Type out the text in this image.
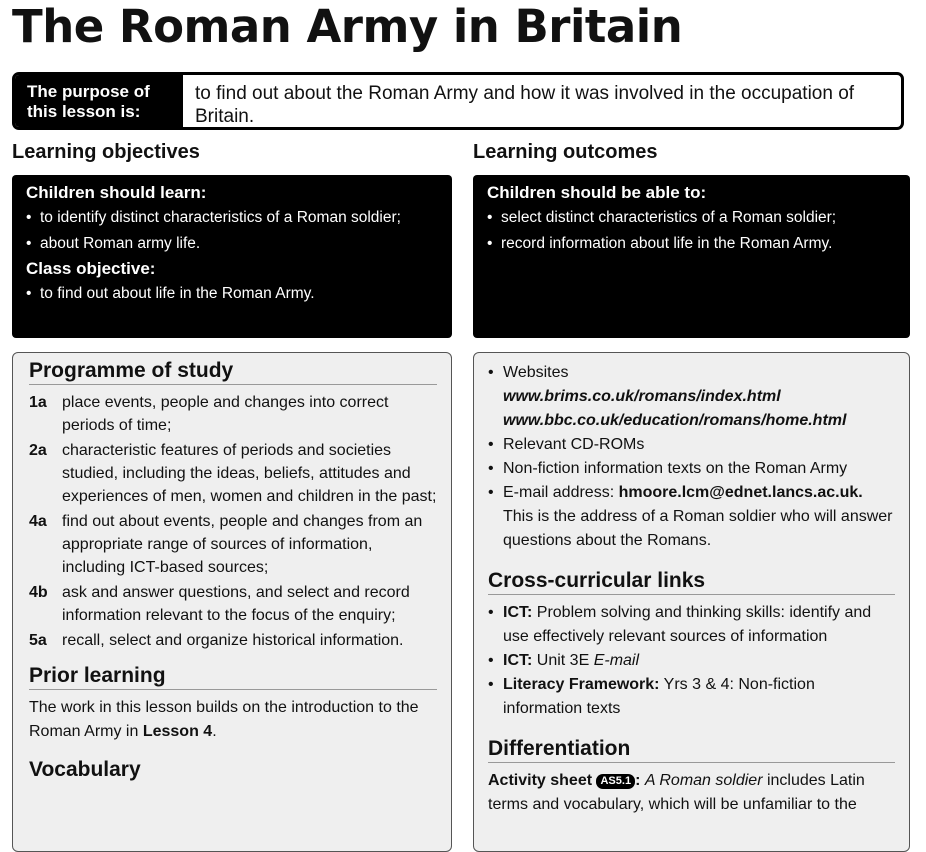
The Roman Army in Britain
The purpose of this lesson is:
to find out about the Roman Army and how it was involved in the occupation of Britain.
Learning objectives	Learning outcomes
Children should learn:
• to identify distinct characteristics of a Roman soldier;
• about Roman army life.
Class objective:
• to find out about life in the Roman Army.
Children should be able to:
• select distinct characteristics of a Roman soldier;
• record information about life in the Roman Army.
Programme of study
1a place events, people and changes into correct periods of time;
2a characteristic features of periods and societies studied, including the ideas, beliefs, attitudes and experiences of men, women and children in the past;
4a find out about events, people and changes from an appropriate range of sources of information, including ICT-based sources;
4b ask and answer questions, and select and record information relevant to the focus of the enquiry;
5a recall, select and organize historical information.
Prior learning
The work in this lesson builds on the introduction to the Roman Army in Lesson 4.
Vocabulary
• Websites
www.brims.co.uk/romans/index.html
www.bbc.co.uk/education/romans/home.html
• Relevant CD-ROMs
• Non-fiction information texts on the Roman Army
• E-mail address: hmoore.lcm@ednet.lancs.ac.uk.
This is the address of a Roman soldier who will answer questions about the Romans.
Cross-curricular links
• ICT: Problem solving and thinking skills: identify and use effectively relevant sources of information
• ICT: Unit 3E E-mail
• Literacy Framework: Yrs 3 & 4: Non-fiction information texts
Differentiation
Activity sheet AS5.1 : A Roman soldier includes Latin terms and vocabulary, which will be unfamiliar to the
